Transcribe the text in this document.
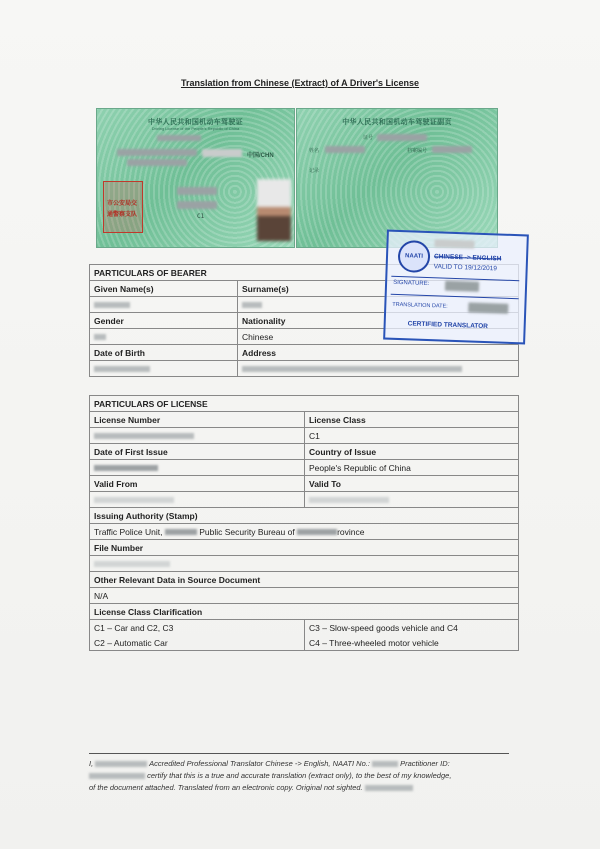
Translation from Chinese (Extract) of A Driver's License
中华人民共和国机动车驾驶证
Driving License of the People's Republic of China
中国/CHN
市公安局交
通警察支队	C1
中华人民共和国机动车驾驶证副页
姓名
证号
档案编号
记录
PARTICULARS OF BEARER	
Given Name(s)	Surname(s)

Gender	Nationality
	Chinese
Date of Birth	Address

NAATI	CHINESE -> ENGLISH
VALID TO 19/12/2019
SIGNATURE:
TRANSLATION DATE:
CERTIFIED TRANSLATOR
PARTICULARS OF LICENSE	
License Number	License Class
	C1
Date of First Issue	Country of Issue
	People's Republic of China
Valid From	Valid To

Issuing Authority (Stamp)	
Traffic Police Unit, Public Security Bureau of rovince	
File Number	

Other Relevant Data in Source Document	
N/A	
License Class Clarification	
C1 – Car and C2, C3	C3 – Slow-speed goods vehicle and C4
C2 – Automatic Car	C4 – Three-wheeled motor vehicle
I,	Accredited Professional Translator Chinese -> English, NAATI No.:	Practitioner ID:
certify that this is a true and accurate translation (extract only), to the best of my knowledge,
of the document attached. Translated from an electronic copy. Original not sighted.
